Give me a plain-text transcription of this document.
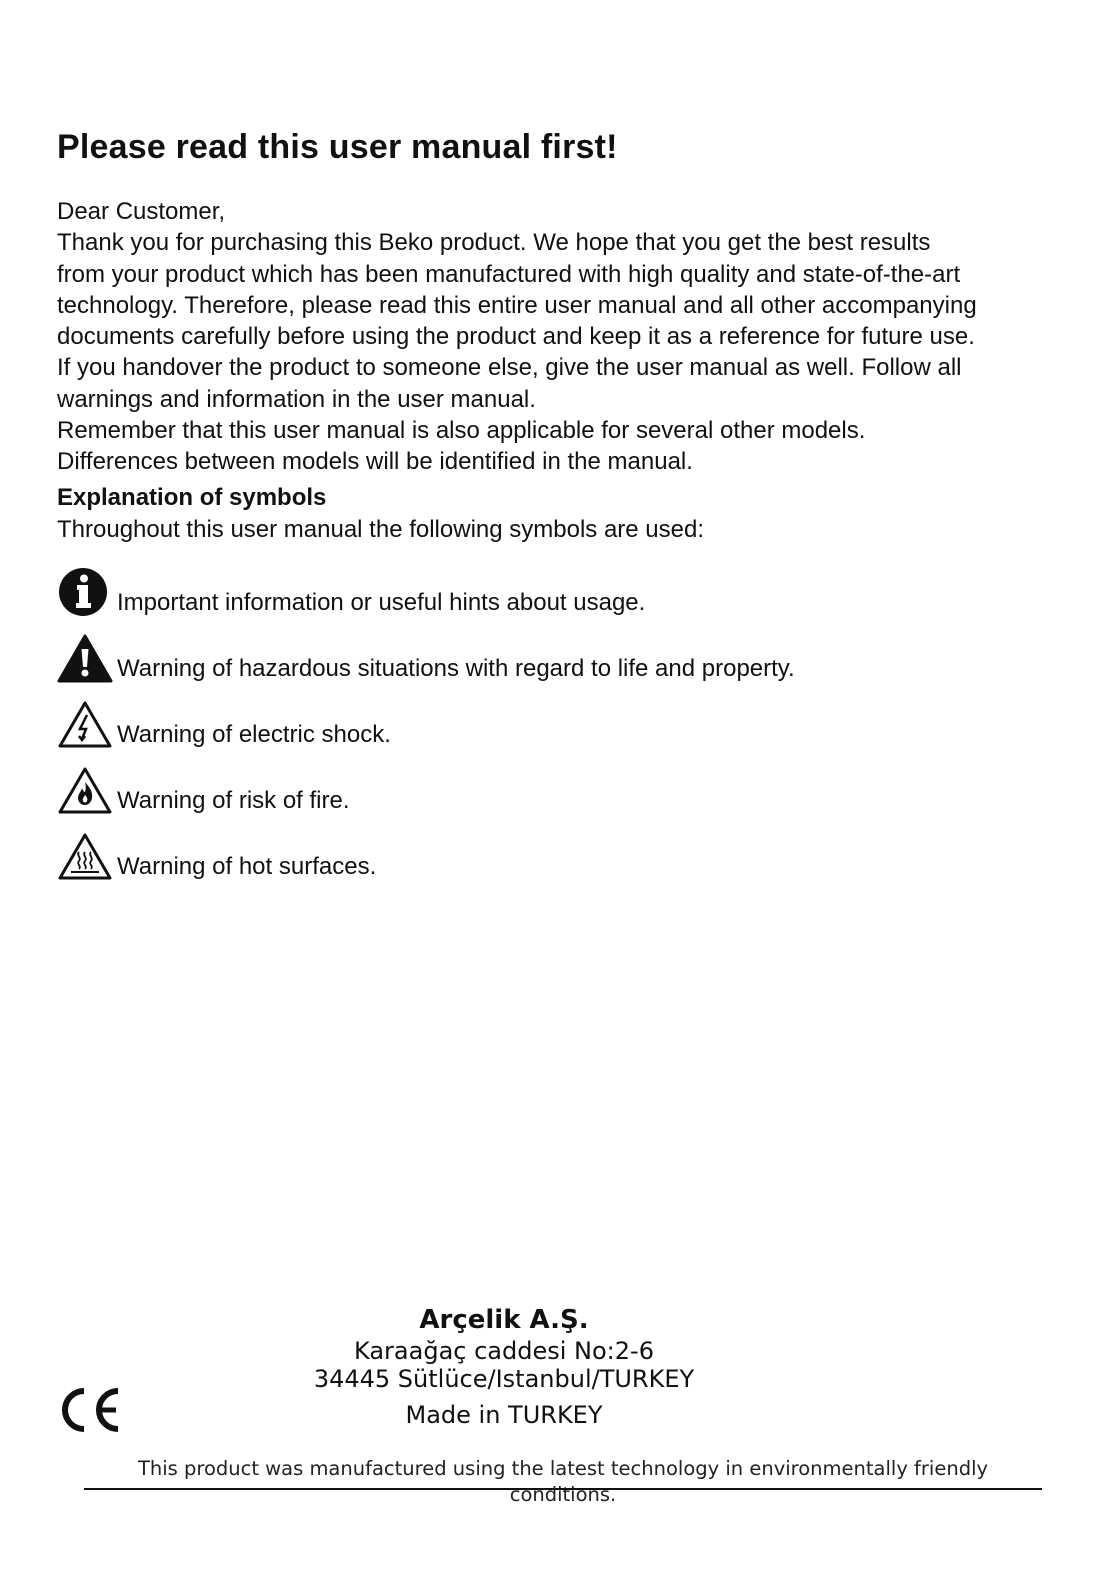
Please read this user manual first!

Dear Customer,

Thank you for purchasing this Beko product. We hope that you get the best results

from your product which has been manufactured with high quality and state-of-the-art

technology. Therefore, please read this entire user manual and all other accompanying

documents carefully before using the product and keep it as a reference for future use.

If you handover the product to someone else, give the user manual as well. Follow all

warnings and information in the user manual.

Remember that this user manual is also applicable for several other models.

Differences between models will be identified in the manual.

Explanation of symbols

Throughout this user manual the following symbols are used:

Important information or useful hints about usage.
Warning of hazardous situations with regard to life and property.
Warning of electric shock.
Warning of risk of fire.
Warning of hot surfaces.
Arçelik A.Ş.
Karaağaç caddesi No:2-6
34445 Sütlüce/Istanbul/TURKEY
Made in TURKEY
This product was manufactured using the latest technology in environmentally friendly conditions.
